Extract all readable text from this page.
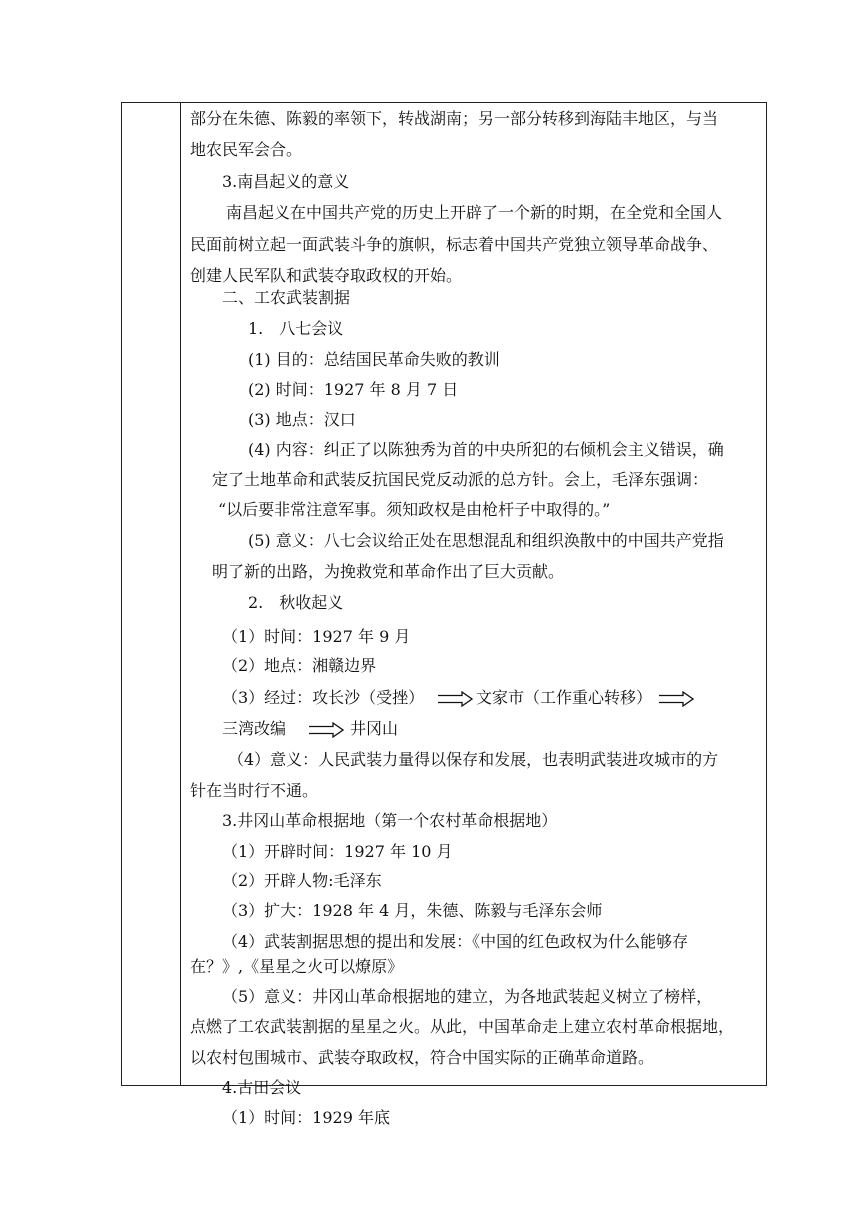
部分在朱德、陈毅的率领下，转战湖南；另一部分转移到海陆丰地区，与当
地农民军会合。
3.南昌起义的意义
南昌起义在中国共产党的历史上开辟了一个新的时期，在全党和全国人
民面前树立起一面武装斗争的旗帜，标志着中国共产党独立领导革命战争、
创建人民军队和武装夺取政权的开始。
二、工农武装割据
1.　八七会议
(1) 目的：总结国民革命失败的教训
(2) 时间：1927 年 8 月 7 日
(3) 地点：汉口
(4) 内容：纠正了以陈独秀为首的中央所犯的右倾机会主义错误，确
定了土地革命和武装反抗国民党反动派的总方针。会上，毛泽东强调：
“以后要非常注意军事。须知政权是由枪杆子中取得的。”
(5) 意义：八七会议给正处在思想混乱和组织涣散中的中国共产党指
明了新的出路，为挽救党和革命作出了巨大贡献。
2.　秋收起义
（1）时间：1927 年 9 月
（2）地点：湘赣边界
（3）经过：攻长沙（受挫）	文家市（工作重心转移）
三湾改编	井冈山
（4）意义：人民武装力量得以保存和发展，也表明武装进攻城市的方
针在当时行不通。
3.井冈山革命根据地（第一个农村革命根据地）
（1）开辟时间：1927 年 10 月
（2）开辟人物:毛泽东
（3）扩大：1928 年 4 月，朱德、陈毅与毛泽东会师
（4）武装割据思想的提出和发展：《中国的红色政权为什么能够存
在？》,《星星之火可以燎原》
（5）意义：井冈山革命根据地的建立，为各地武装起义树立了榜样，
点燃了工农武装割据的星星之火。从此，中国革命走上建立农村革命根据地，
以农村包围城市、武装夺取政权，符合中国实际的正确革命道路。
4.古田会议
（1）时间：1929 年底
